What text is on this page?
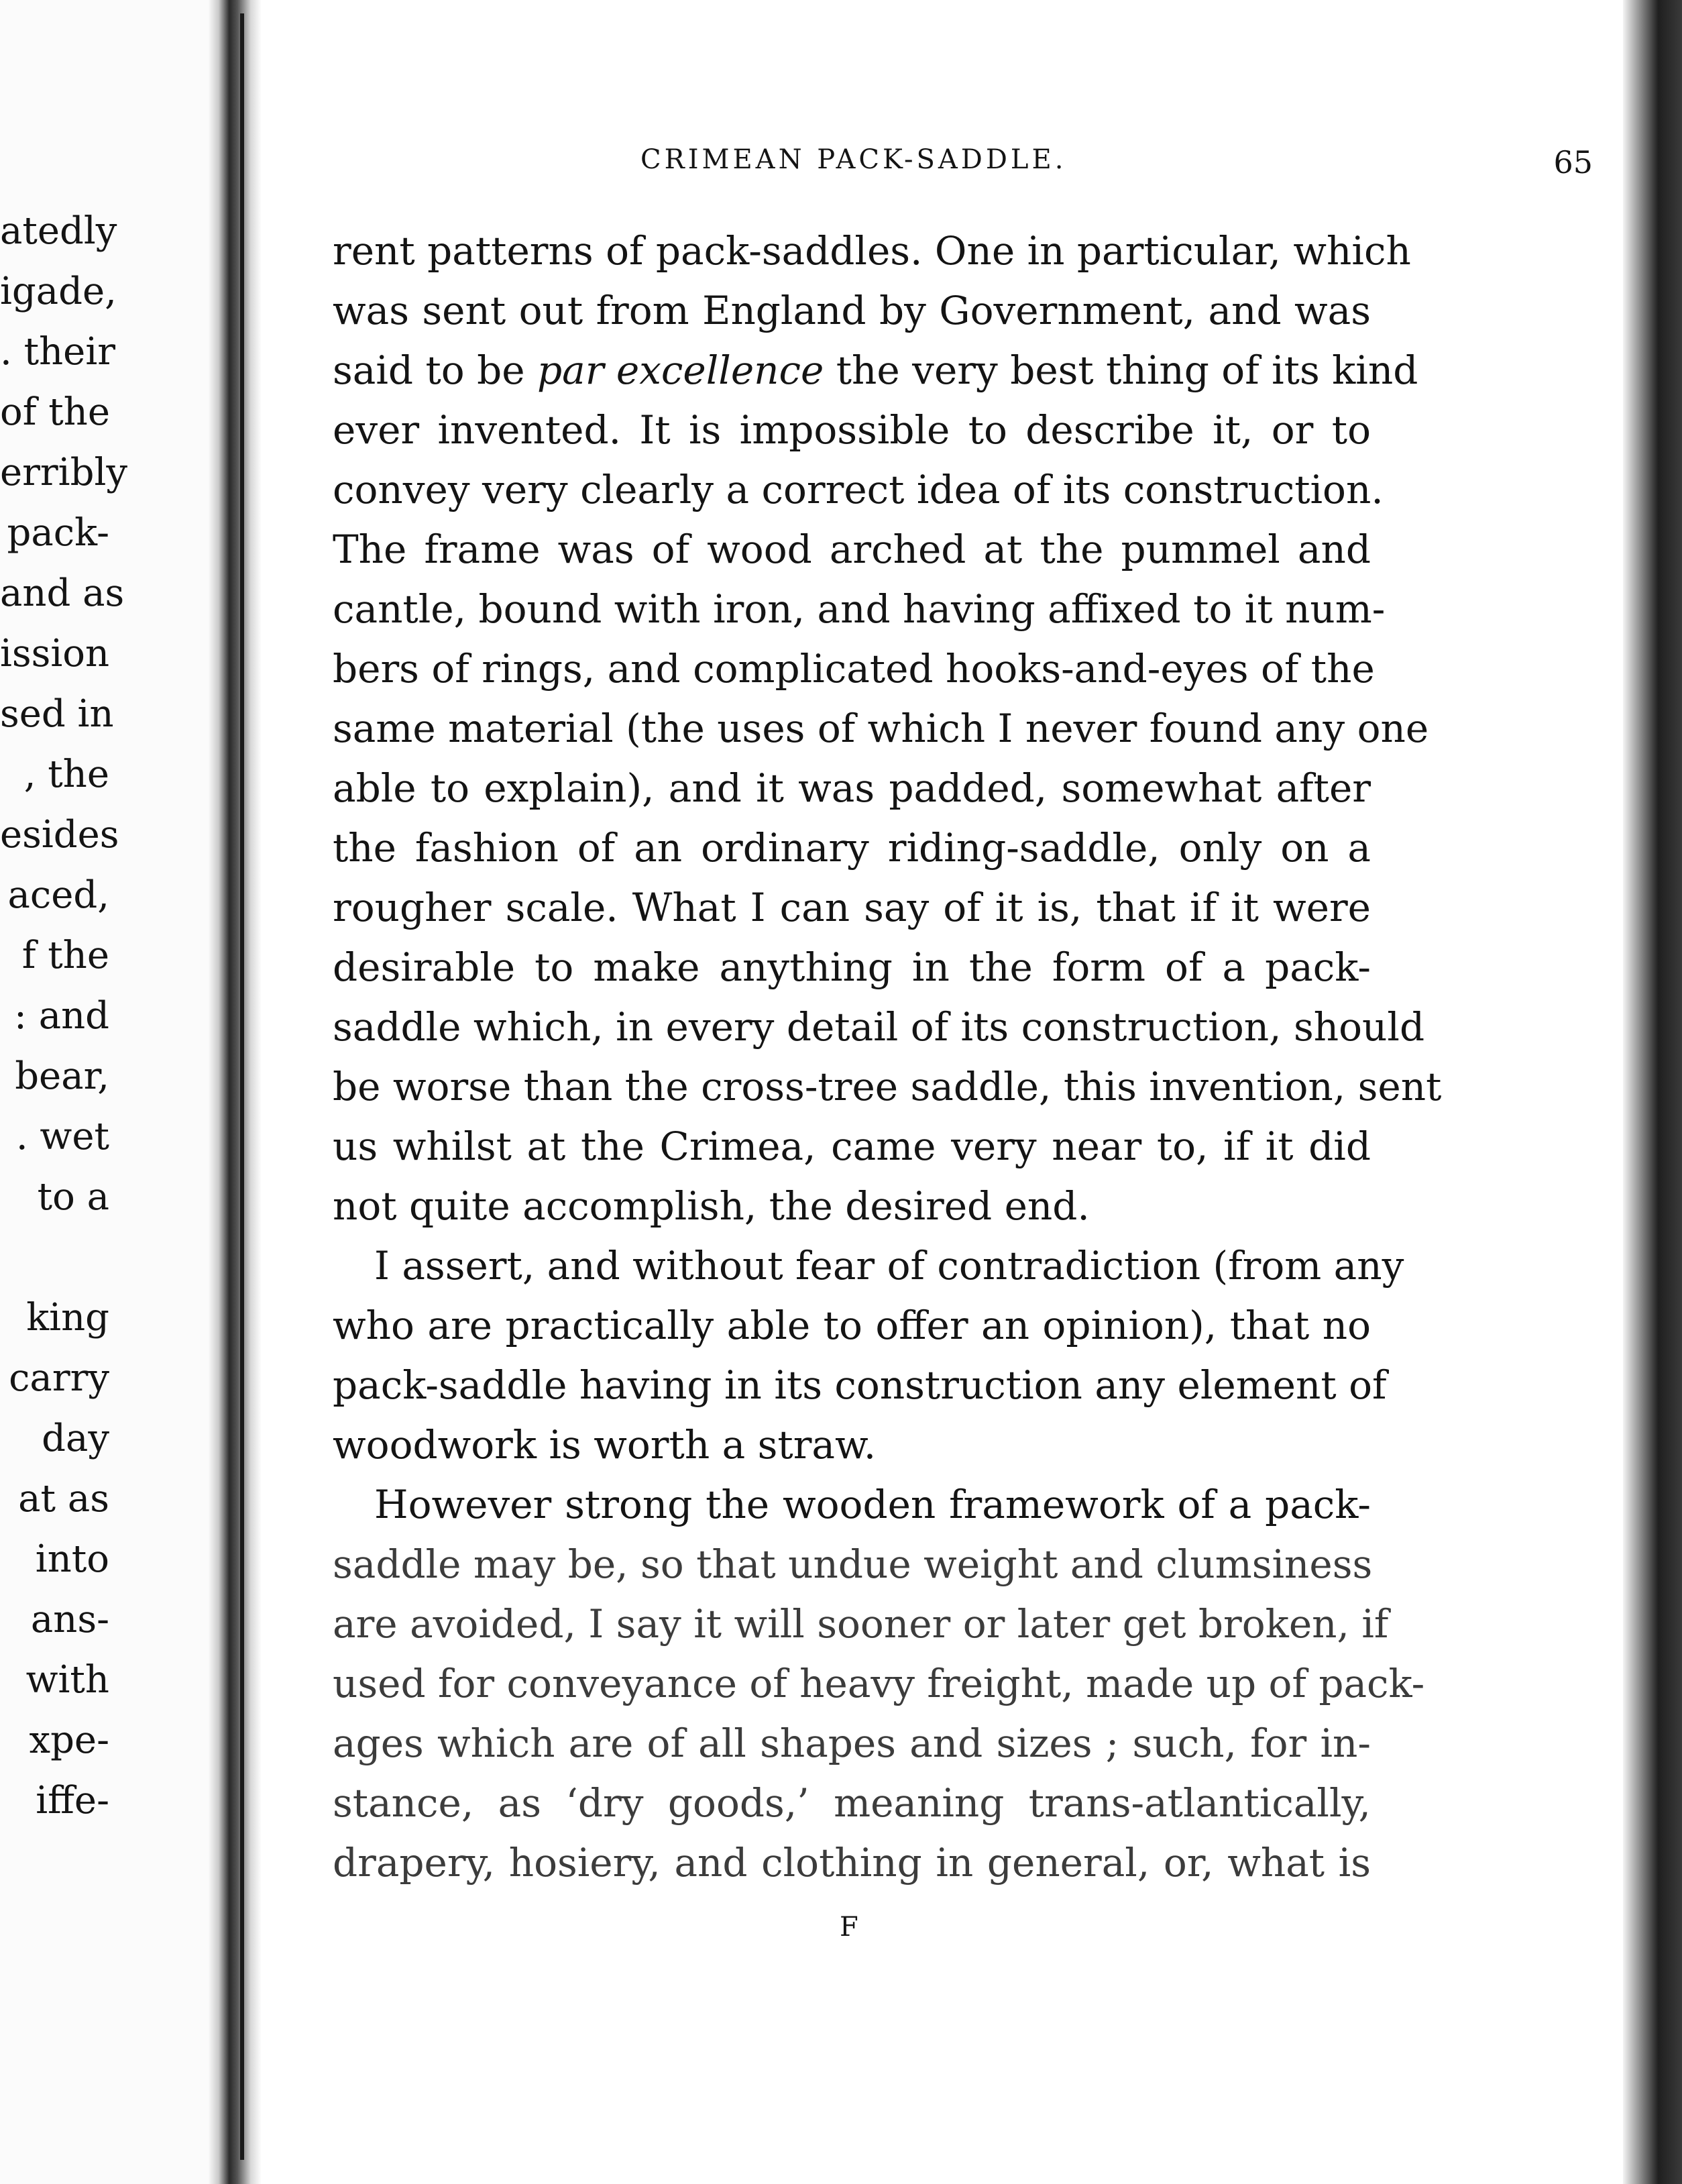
atedly
igade,
. their
of the
erribly
pack-
and as
ission
sed in
, the
esides
aced,
f the
: and
bear,
. wet
to a
king
carry
day
at as
into
ans-
with
xpe-
iffe-
CRIMEAN PACK-SADDLE.	65
rent patterns of pack-saddles. One in particular, which
was sent out from England by Government, and was
said to be par excellence the very best thing of its kind
ever invented. It is impossible to describe it, or to
convey very clearly a correct idea of its construction.
The frame was of wood arched at the pummel and
cantle, bound with iron, and having affixed to it num-
bers of rings, and complicated hooks-and-eyes of the
same material (the uses of which I never found any one
able to explain), and it was padded, somewhat after
the fashion of an ordinary riding-saddle, only on a
rougher scale. What I can say of it is, that if it were
desirable to make anything in the form of a pack-
saddle which, in every detail of its construction, should
be worse than the cross-tree saddle, this invention, sent
us whilst at the Crimea, came very near to, if it did
not quite accomplish, the desired end.
I assert, and without fear of contradiction (from any
who are practically able to offer an opinion), that no
pack-saddle having in its construction any element of
woodwork is worth a straw.
However strong the wooden framework of a pack-
saddle may be, so that undue weight and clumsiness
are avoided, I say it will sooner or later get broken, if
used for conveyance of heavy freight, made up of pack-
ages which are of all shapes and sizes ; such, for in-
stance, as ‘dry goods,’ meaning trans-atlantically,
drapery, hosiery, and clothing in general, or, what is
F
